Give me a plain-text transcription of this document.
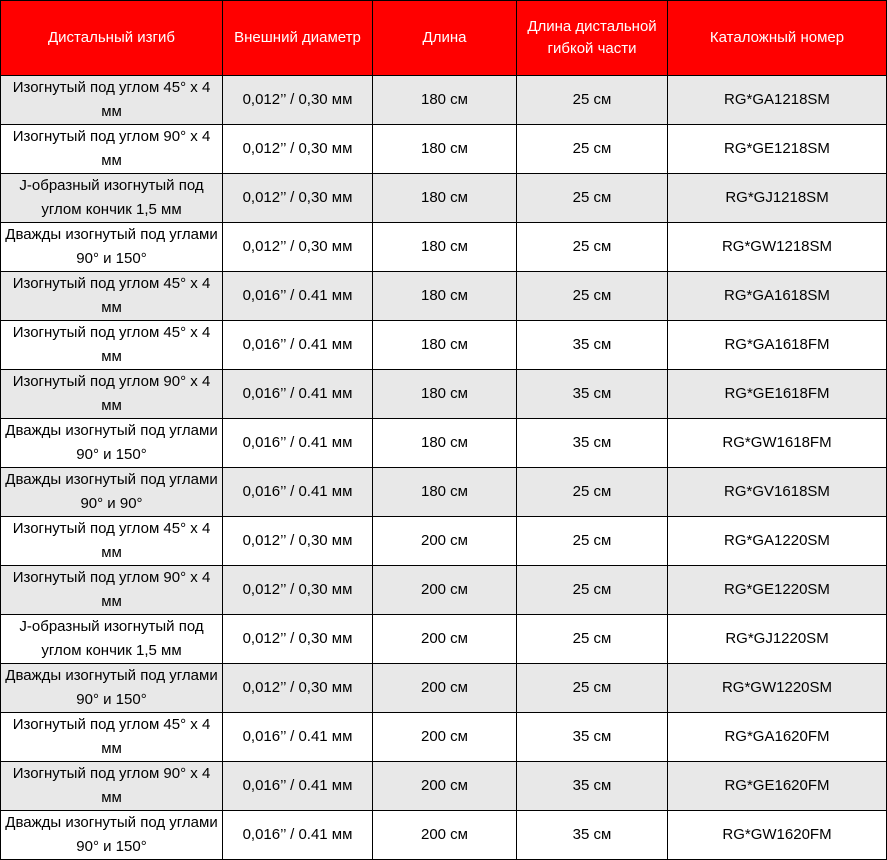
Дистальный изгиб	Внешний диаметр	Длина	Длина дистальной гибкой части	Каталожный номер
Изогнутый под углом 45° x 4 мм	0,012’’ / 0,30 мм	180 см	25 см	RG*GA1218SM
Изогнутый под углом 90° x 4 мм	0,012’’ / 0,30 мм	180 см	25 см	RG*GE1218SM
J-образный изогнутый под углом кончик 1,5 мм	0,012’’ / 0,30 мм	180 см	25 см	RG*GJ1218SM
Дважды изогнутый под углами 90° и 150°	0,012’’ / 0,30 мм	180 см	25 см	RG*GW1218SM
Изогнутый под углом 45° x 4 мм	0,016’’ / 0.41 мм	180 см	25 см	RG*GA1618SM
Изогнутый под углом 45° x 4 мм	0,016’’ / 0.41 мм	180 см	35 см	RG*GA1618FM
Изогнутый под углом 90° x 4 мм	0,016’’ / 0.41 мм	180 см	35 см	RG*GE1618FM
Дважды изогнутый под углами 90° и 150°	0,016’’ / 0.41 мм	180 см	35 см	RG*GW1618FM
Дважды изогнутый под углами 90° и 90°	0,016’’ / 0.41 мм	180 см	25 см	RG*GV1618SM
Изогнутый под углом 45° x 4 мм	0,012’’ / 0,30 мм	200 см	25 см	RG*GA1220SM
Изогнутый под углом 90° x 4 мм	0,012’’ / 0,30 мм	200 см	25 см	RG*GE1220SM
J-образный изогнутый под углом кончик 1,5 мм	0,012’’ / 0,30 мм	200 см	25 см	RG*GJ1220SM
Дважды изогнутый под углами 90° и 150°	0,012’’ / 0,30 мм	200 см	25 см	RG*GW1220SM
Изогнутый под углом 45° x 4 мм	0,016’’ / 0.41 мм	200 см	35 см	RG*GA1620FM
Изогнутый под углом 90° x 4 мм	0,016’’ / 0.41 мм	200 см	35 см	RG*GE1620FM
Дважды изогнутый под углами 90° и 150°	0,016’’ / 0.41 мм	200 см	35 см	RG*GW1620FM
